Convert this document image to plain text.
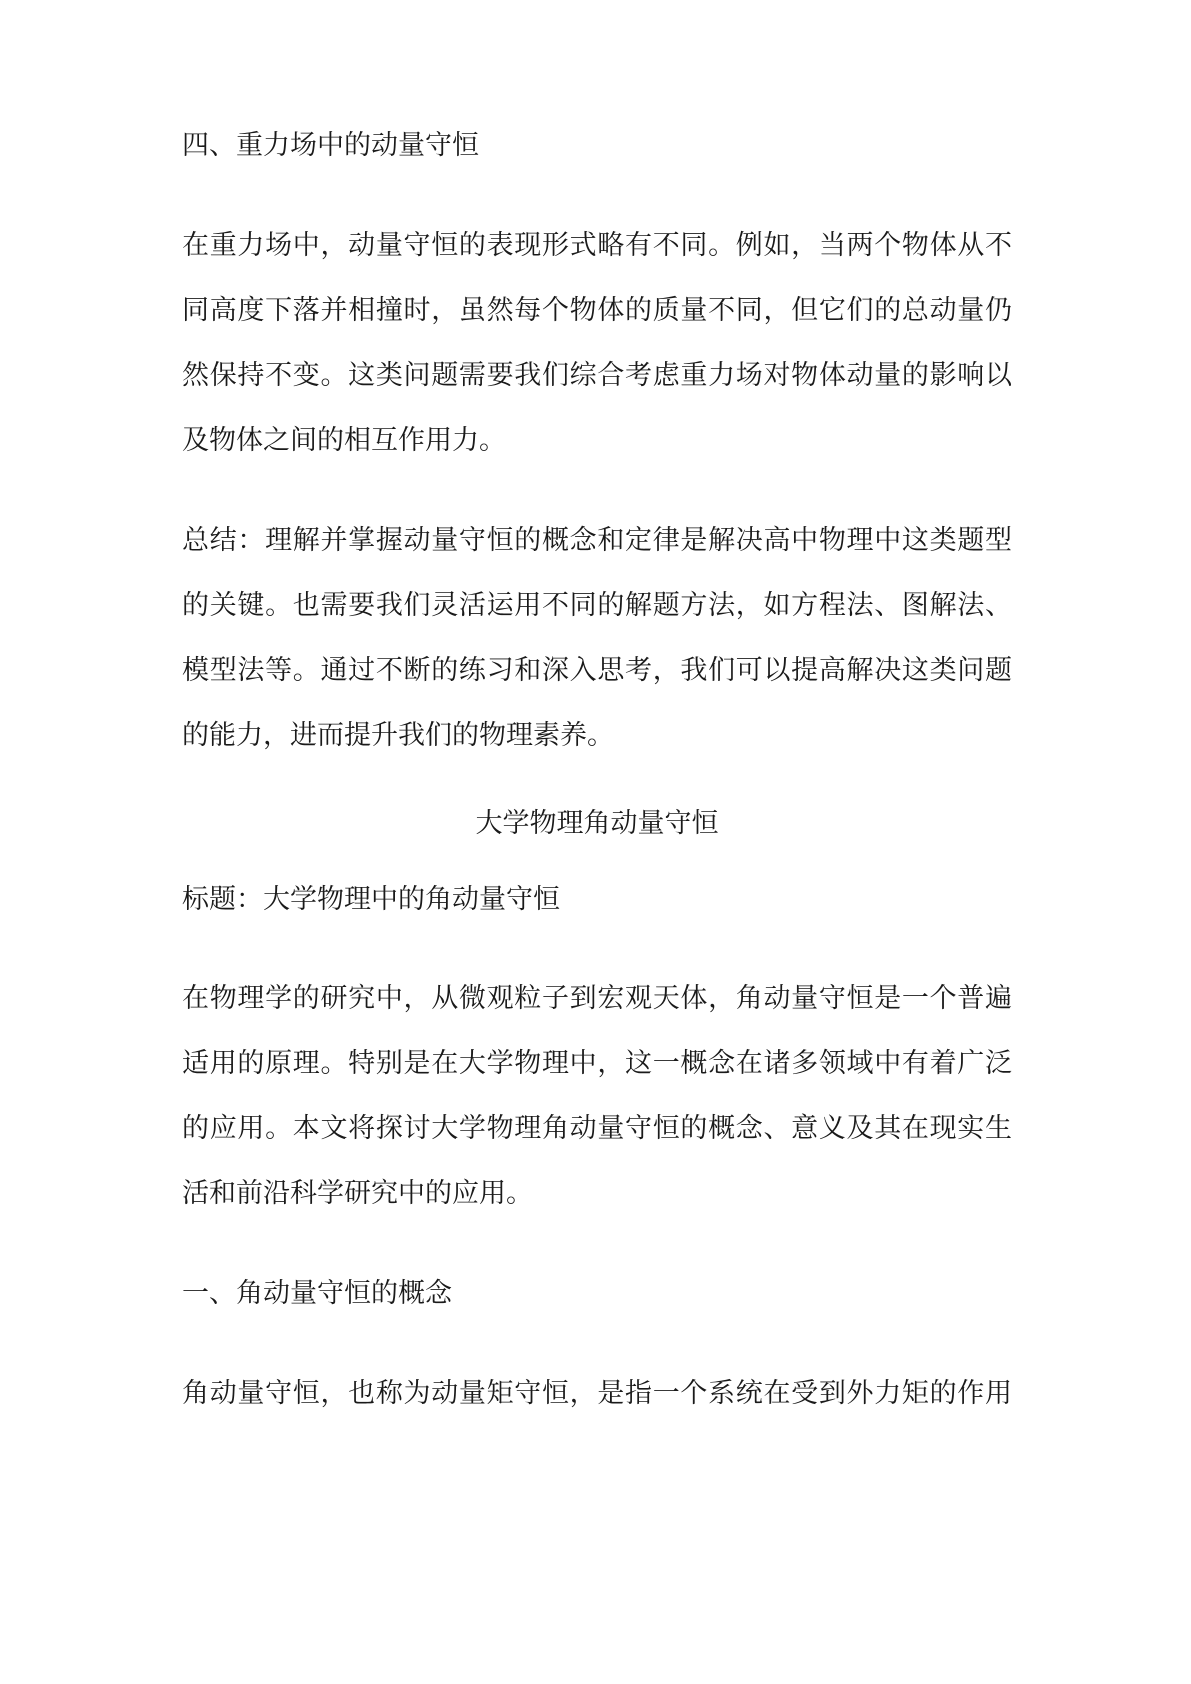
四、重力场中的动量守恒
在重力场中，动量守恒的表现形式略有不同。例如，当两个物体从不
同高度下落并相撞时，虽然每个物体的质量不同，但它们的总动量仍
然保持不变。这类问题需要我们综合考虑重力场对物体动量的影响以
及物体之间的相互作用力。
总结：理解并掌握动量守恒的概念和定律是解决高中物理中这类题型
的关键。也需要我们灵活运用不同的解题方法，如方程法、图解法、
模型法等。通过不断的练习和深入思考，我们可以提高解决这类问题
的能力，进而提升我们的物理素养。
大学物理角动量守恒
标题：大学物理中的角动量守恒
在物理学的研究中，从微观粒子到宏观天体，角动量守恒是一个普遍
适用的原理。特别是在大学物理中，这一概念在诸多领域中有着广泛
的应用。本文将探讨大学物理角动量守恒的概念、意义及其在现实生
活和前沿科学研究中的应用。
一、角动量守恒的概念
角动量守恒，也称为动量矩守恒，是指一个系统在受到外力矩的作用
